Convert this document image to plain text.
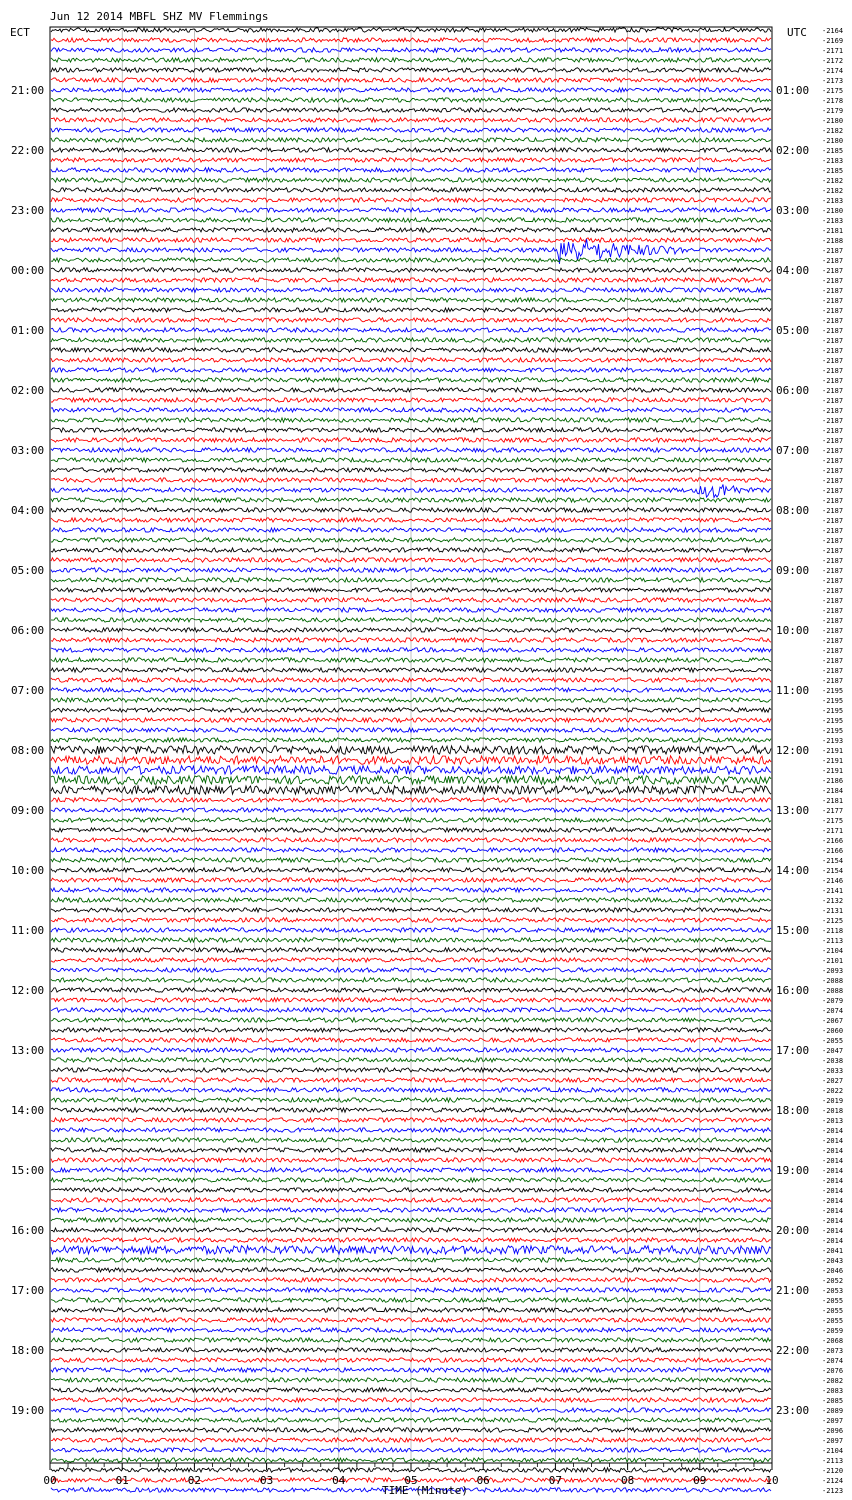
Jun 12 2014 MBFL SHZ MV Flemmings
ECT	UTC
21:00
22:00
23:00
00:00
01:00
02:00
03:00
04:00
05:00
06:00
07:00
08:00
09:00
10:00
11:00
12:00
13:00
14:00
15:00
16:00
17:00
18:00
19:00
01:00
02:00
03:00
04:00
05:00
06:00
07:00
08:00
09:00
10:00
11:00
12:00
13:00
14:00
15:00
16:00
17:00
18:00
19:00
20:00
21:00
22:00
23:00
-2164
-2169
-2171
-2172
-2174
-2173
-2175
-2178
-2179
-2180
-2182
-2180
-2185
-2183
-2185
-2182
-2182
-2183
-2180
-2183
-2181
-2188
-2187
-2187
-2187
-2187
-2187
-2187
-2187
-2187
-2187
-2187
-2187
-2187
-2187
-2187
-2187
-2187
-2187
-2187
-2187
-2187
-2187
-2187
-2187
-2187
-2187
-2187
-2187
-2187
-2187
-2187
-2187
-2187
-2187
-2187
-2187
-2187
-2187
-2187
-2187
-2187
-2187
-2187
-2187
-2187
-2195
-2195
-2195
-2195
-2195
-2193
-2191
-2191
-2191
-2186
-2184
-2181
-2177
-2175
-2171
-2166
-2166
-2154
-2154
-2146
-2141
-2132
-2131
-2125
-2118
-2113
-2104
-2101
-2093
-2088
-2088
-2079
-2074
-2067
-2060
-2055
-2047
-2038
-2033
-2027
-2022
-2019
-2018
-2013
-2014
-2014
-2014
-2014
-2014
-2014
-2014
-2014
-2014
-2014
-2014
-2014
-2041
-2043
-2046
-2052
-2053
-2055
-2055
-2055
-2059
-2068
-2073
-2074
-2076
-2082
-2083
-2085
-2089
-2097
-2096
-2097
-2104
-2113
-2120
-2124
-2123
00	01	02	03	04	05	06	07	08	09	10
TIME (Minute)
